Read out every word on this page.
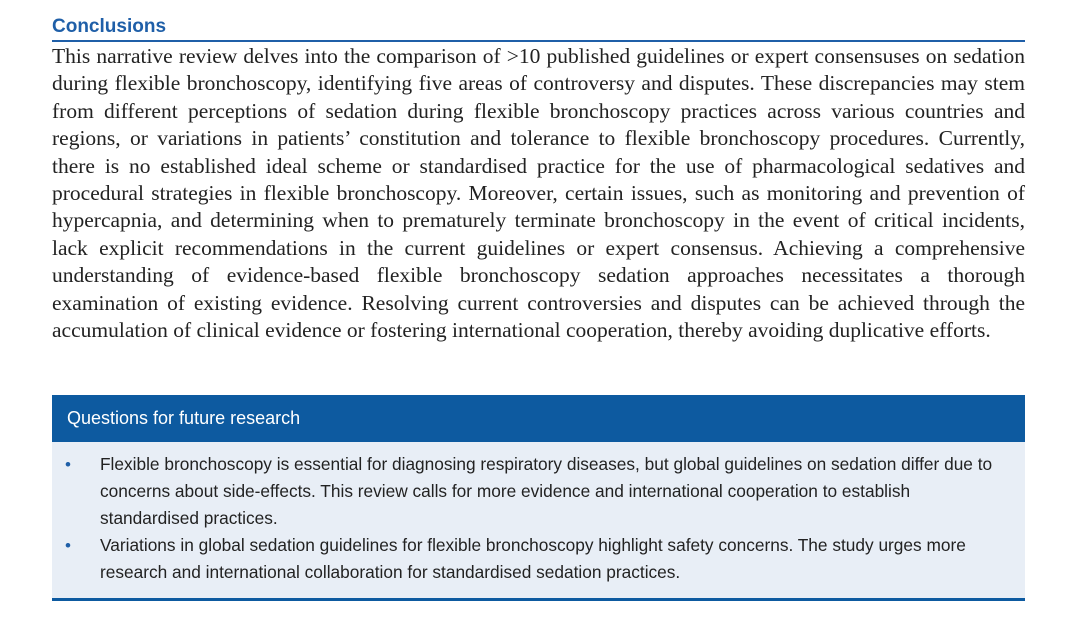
Conclusions

This narrative review delves into the comparison of >10 published guidelines or expert consensuses on sedation during flexible bronchoscopy, identifying five areas of controversy and disputes. These discrepancies may stem from different perceptions of sedation during flexible bronchoscopy practices across various countries and regions, or variations in patients’ constitution and tolerance to flexible bronchoscopy procedures. Currently, there is no established ideal scheme or standardised practice for the use of pharmacological sedatives and procedural strategies in flexible bronchoscopy. Moreover, certain issues, such as monitoring and prevention of hypercapnia, and determining when to prematurely terminate bronchoscopy in the event of critical incidents, lack explicit recommendations in the current guidelines or expert consensus. Achieving a comprehensive understanding of evidence-based flexible bronchoscopy sedation approaches necessitates a thorough examination of existing evidence. Resolving current controversies and disputes can be achieved through the accumulation of clinical evidence or fostering international cooperation, thereby avoiding duplicative efforts.

Questions for future research
• Flexible bronchoscopy is essential for diagnosing respiratory diseases, but global guidelines on sedation differ due to concerns about side-effects. This review calls for more evidence and international cooperation to establish standardised practices.
• Variations in global sedation guidelines for flexible bronchoscopy highlight safety concerns. The study urges more research and international collaboration for standardised sedation practices.
